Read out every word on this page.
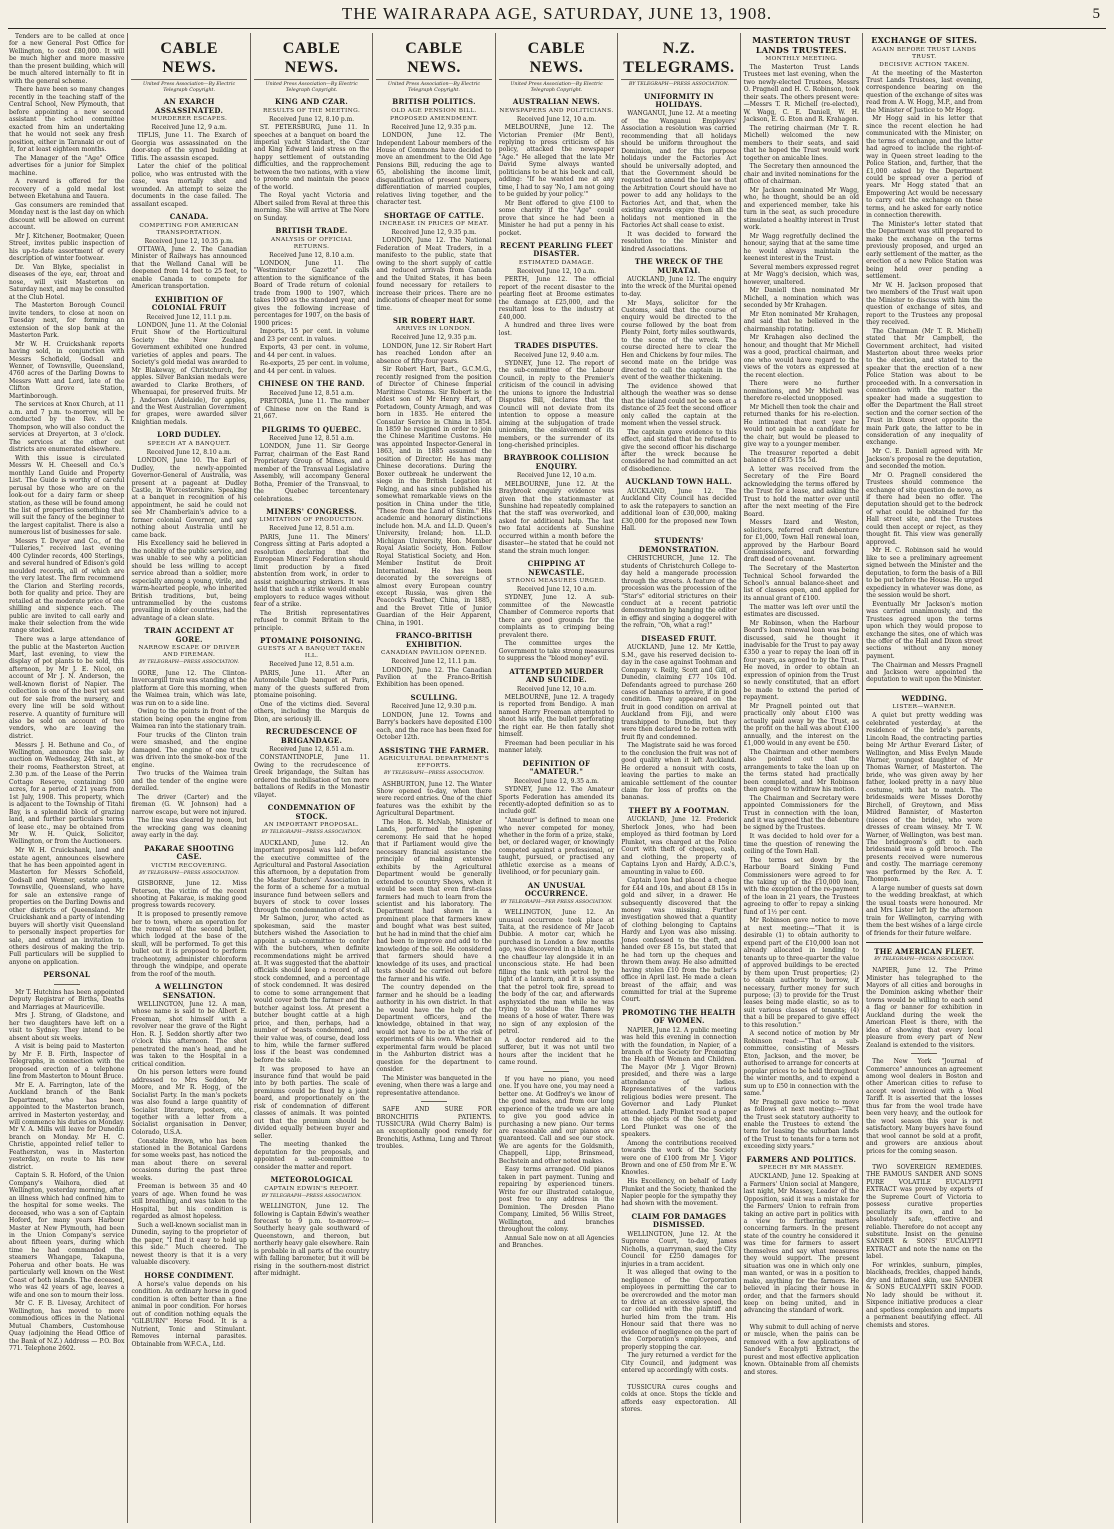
THE WAIRARAPA AGE, SATURDAY, JUNE 13, 1908.	5

Tenders are to be called at once for a new General Post Office for Wellington, to cost £80,000. It will be much higher and more massive than the present building, which will be much altered internally to fit in with the general scheme.

There have been so many changes recently in the teaching staff of the Central School, New Plymouth, that before appointing a new second assistant the school committee exacted from him an undertaking that he would not seek any fresh position, either in Taranaki or out of it, for at least eighteen months.

The Manager of the "Age" Office advertises for a junior for Simplex machine.

A reward is offered for the recovery of a gold medal lost between Eketahuna and Tauera.

Gas consumers are reminded that Monday next is the last day on which discount will be allowed on current account.

Mr J. Kitchener, Bootmaker, Queen Street, invites public inspection of his up-to-date assortment of every description of winter footwear.

Dr. Van Blyke, specialist in diseases of the eye, ear, throat and nose, will visit Masterton on Saturday next, and may be consulted at the Club Hotel.

The Masterton Borough Council invite tenders, to close at noon on Tuesday next, for forming an extension of the slop bank at the Masterton Park.

Mr W. H. Cruickshank reports having sold, in conjunction with Messrs Schofield, Godsall and Wenner, of Townsville, Queensland, 4760 acres of the Darling Downs to Messrs Watt and Lord, late of the Clifton Grove Station, Martinborough.

The services at Knox Church, at 11 a.m. and 7 p.m. to-morrow, will be conducted by the Rev. A. T. Thompson, who will also conduct the services at Dreyerton, at 3 o'clock. The services at the other out districts are enumerated elsewhere.

With this issue is circulated Messrs W. H. Cheesell and Co.'s monthly Land Guide and Property List. The Guide is worthy of careful perusal by those who are on the look-out for a dairy farm or sheep station, as these will be found among the list of properties something that will suit the fancy of the beginner to the largest capitalist. There is also a numerous list of businesses for sale.

Messrs T. Dwyer and Co., of the "Tuileries," received last evening 400 Cylinder records, 400 Sterlings, and several hundred of Edison's gold moulded records, all of which are the very latest. The firm recommend the Clarion and Sterling records, both for quality and price. They are retailed at the moderate price of one shilling and sixpence each. The public are invited to call early and make their selection from the wide range stocked.

There was a large attendance of the public at the Masterton Auction Mart, last evening, to view the display of pot plants to be sold, this afternoon, by Mr J. E. Nicol, on account of Mr J. N. Anderson, the well-known florist of Napier. The collection is one of the best yet sent out for sale from the nursery, and every line will be sold without reserve. A quantity of furniture will also be sold on account of two vendors, who are leaving the district.

Messrs J. H. Bethune and Co., of Wellington, announce the sale by auction on Wednesday, 24th inst., at their rooms, Featherston Street, at 2.30 p.m. of the Lease of the Perrin Cottage Reserve, containing 500 acres, for a period of 21 years from 1st July, 1908. This property, which is adjacent to the Township of Titahi Bay, is a splendid block of grazing land, and further particulars terms of lease etc., may be obtained from Mr W. H. Quick, Solicitor, Wellington, or from the Auctioneers.

Mr W. H. Cruickshank, land and estate agent, announces elsewhere that he has been appointed agent in Masterton for Messrs Schofield, Godsall and Wenner, estate agents, Townsville, Queensland, who have for sale an extensive range of properties on the Darling Downs and other districts of Queensland. Mr Cruickshank and a party of intending buyers will shortly visit Queensland to personally inspect properties for sale, and extend an invitation to others desirous of making the trip. Full particulars will be supplied to anyone on application.

PERSONAL

Mr T. Hutchins has been appointed Deputy Registrar of Births, Deaths and Marriages at Mauriceville.

Mrs J. Strang, of Gladstone, and her two daughters have left on a visit to Sydney. They intend to be absent about six weeks.

A visit is being paid to Masterton by Mr F. B. Firth, Inspector of Telegraphs, in connection with the proposed erection of a telephone line from Masterton to Mount Bruce.

Mr E. A. Farrington, late of the Auckland branch of the Bank Department, who has been appointed to the Masterton branch, arrived in Masterton yesterday, and will commence his duties on Monday. Mr V. A. Mills will leave for Dunedin branch on Monday. Mr H. C. Christie, appointed relief teller to Featherston, was in Masterton yesterday, on route to his new district.

Captain S. R. Hoford, of the Union Company's Waihora, died at Wellington, yesterday morning, after an illness which had confined him to the hospital for some weeks. The deceased, who was a son of Captain Hoford, for many years Harbour Master at New Plymouth, had been in the Union Company's service about fifteen years, during which time he had commanded the steamers Whangape, Takapuna, Poherua and other boats. He was particularly well known on the West Coast of both islands. The deceased, who was 42 years of age, leaves a wife and one son to mourn their loss.

Mr C. F. B. Livesay, Architect of Wellington, has moved to more commodious offices in the National Mutual Chambers, Customhouse Quay (adjoining the Head Office of the Bank of N.Z.) Address — P.O. Box 771. Telephone 2602.

CABLE NEWS.
United Press Association—By Electric Telegraph Copyright.
AN EXARCH ASSASSINATED.
MURDERER ESCAPES.
Received June 12, 9 a.m.

TIFLIS, June 11. The Exarch of Georgia was assassinated on the door-step of the synod building at Tiflis. The assassin escaped.

Later the chief of the political police, who was entrusted with the case, was mortally shot and wounded. An attempt to seize the documents in the case failed. The assailant escaped.

CANADA.
COMPETING FOR AMERICAN TRANSPORTATION.
Received June 12, 10.35 p.m.

OTTAWA, June 2. The Canadian Minister of Railways has announced that the Welland Canal will be deepened from 14 feet to 25 feet, to enable Canada to compete for American transportation.

EXHIBITION OF COLONIAL FRUIT
Received June 12, 11.1 p.m.

LONDON, June 11. At the Colonial Fruit Show of the Horticultural Society the New Zealand Government exhibited one hundred varieties of apples and pears. The Society's gold medal was awarded to Mr Blakeway, of Christchurch, for apples. Silver Banksian medals were awarded to Clarke Brothers, of Whenuapai, for preserved fruits. Mr J. Anderson (Adelaide), for apples, and the West Australian Government for grapes, were awarded silver Knightian medals.

LORD DUDLEY.
SPEECH AT A BANQUET.
Received June 12, 8.10 a.m.

LONDON, June 10. The Earl of Dudley, the newly-appointed Governor-General of Australia, was present at a pageant at Dudley Castle, in Worcestershire. Speaking at a banquet in recognition of his appointment, he said he could not see Mr Chamberlain's advice to a former colonial Governor, and say nothing about Australia until he came back.

His Excellency said he believed in the nobility of the public service, and was unable to see why a politician should be less willing to accept service abroad than a soldier, more especially among a young, virile, and warm-hearted people, who inherited British traditions, but, being untrammelled by the customs prevailing in older countries, had the advantage of a clean slate.

TRAIN ACCIDENT AT GORE.
NARROW ESCAPE OF DRIVER AND FIREMAN.
BY TELEGRAPH—PRESS ASSOCIATION.

GORE, June 12. The Clinton-Invercargill train was standing at the platform at Gore this morning, when the Waimea train, which was late, was run on to a side line.

Owing to the points in front of the station being open the engine from Waimea ran into the stationary train.

Four trucks of the Clinton train were smashed, and the engine damaged. The engine of one truck was driven into the smoke-box of the engine.

Two trucks of the Waimea train and the tender of the engine were derailed.

The driver (Carter) and the fireman (G. W. Johnson) had a narrow escape, but were not injured.

The line was cleared by noon, but the wrecking gang was cleaning away early in the day.

PAKARAE SHOOTING CASE.
VICTIM RECOVERING.
BY TELEGRAPH—PRESS ASSOCIATION.

GISBORNE, June 12. Miss Peterson, the victim of the recent shooting at Pakarae, is making good progress towards recovery.

It is proposed to presently remove her to town, where an operation for the removal of the second bullet, which lodged at the base of the skull, will be performed. To get this bullet out it is proposed to perform tracheotomy, administer chloroform through the windpipe, and operate from the roof of the mouth.

A WELLINGTON SENSATION.

WELLINGTON, June 12. A man, whose name is said to be Albert E. Freeman, shot himself with a revolver near the grave of the Right Hon. R. J. Seddon shortly after two o'clock this afternoon. The shot penetrated the man's head, and he was taken to the Hospital in a critical condition.

On his person letters were found addressed to Mrs Seddon, Mr Moore, and Mr R. Hogg, of the Socialist Party. In the man's pockets was also found a large quantity of Socialist literature, posters, etc., together with a letter from a Socialist organisation in Denver, Colorado, U.S.A.

Constable Brown, who has been stationed in the Botanical Gardens for some weeks past, has noticed the man about there on several occasions during the past three weeks.

Freeman is between 35 and 40 years of age. When found he was still breathing, and was taken to the Hospital, but his condition is regarded as almost hopeless.

Such a well-known socialist man in Dunedin, saying to the proprietor of the paper, "I find it easy to hold up this side." Much cheered. The newest theory is that it is a very valuable discovery.

HORSE CONDIMENT.

A horse's value depends on his condition. An ordinary horse in good condition is often better than a fine animal in poor condition. For horses out of condition nothing equals the "GILBURN" Horse Food. It is a Nutrient, Tonic and Stimulant. Removes internal parasites. Obtainable from W.F.C.A., Ltd.

CABLE NEWS.
United Press Association—By Electric Telegraph Copyright.
KING AND CZAR.
RESULTS OF THE MEETING.
Received June 12, 8.10 p.m.

ST. PETERSBURG, June 11. In speeches at a banquet on board the imperial yacht Standart, the Czar and King Edward laid stress on the happy settlement of outstanding difficulties, and the rapprochement between the two nations, with a view to promote and maintain the peace of the world.

The Royal yacht Victoria and Albert sailed from Reval at three this morning. She will arrive at The Nore on Sunday.

BRITISH TRADE.
ANALYSIS OF OFFICIAL RETURNS.
Received June 12, 8.10 a.m.

LONDON, June 11. The "Westminster Gazette" calls attention to the significance of the Board of Trade return of colonial trade from 1900 to 1907, which takes 1900 as the standard year, and gives the following increase of percentages for 1907, on the basis of 1900 prices:

Imports, 15 per cent. in volume and 23 per cent. in values.

Exports, 43 per cent. in volume, and 44 per cent. in values.

Re-exports, 25 per cent. in volume, and 44 per cent. in values.

CHINESE ON THE RAND.
Received June 12, 8.51 a.m.

PRETORIA, June 11. The number of Chinese now on the Rand is 21,667.

PILGRIMS TO QUEBEC.
Received June 12, 8.51 a.m.

LONDON, June 11. Sir George Farrar, chairman of the East Rand Proprietary Group of Mines, and a member of the Transvaal Legislative Assembly, will accompany General Botha, Premier of the Transvaal, to the Quebec tercentenary celebrations.

MINERS' CONGRESS.
LIMITATION OF PRODUCTION.
Received June 12, 8.51 a.m.

PARIS, June 11. The Miners' Congress sitting at Paris adopted a resolution declaring that the European Miners' Federation should limit production by a fixed abstention from work, in order to assist neighbouring strikers. It was held that such a strike would enable employers to reduce wages without fear of a strike.

The British representatives refused to commit Britain to the principle.

PTOMAINE POISONING.
GUESTS AT A BANQUET TAKEN ILL.
Received June 12, 8.51 a.m.

PARIS, June 11. After an Automobile Club banquet at Paris, many of the guests suffered from ptomaine poisoning.

One of the victims died. Several others, including the Marquis de Dion, are seriously ill.

RECRUDESCENCE OF BRIGANDAGE.
Received June 12, 8.51 a.m.

CONSTANTINOPLE, June 11. Owing to the recrudescence of Greek brigandage, the Sultan has ordered the mobilisation of ten more battalions of Redifs in the Monastir vilayet.

CONDEMNATION OF STOCK.
AN IMPORTANT PROPOSAL.
BY TELEGRAPH—PRESS ASSOCIATION.

AUCKLAND, June 12. An important proposal was laid before the executive committee of the Agricultural and Pastoral Association this afternoon, by a deputation from the Master Butchers' Association in the form of a scheme for a mutual insurance fund between sellers and buyers of stock to cover losses through the condemnation of stock.

Mr Salmon, juror, who acted as spokesman, said the master butchers wished the Association to appoint a sub-committee to confer with the butchers, when definite recommendations might be arrived at. It was suggested that the abattoir officials should keep a record of all stock condemned, and a percentage of stock condemned. It was desired to come to some arrangement that would cover both the farmer and the butcher against loss. At present a butcher bought cattle at a high price, and then, perhaps, had a number of beasts condemned, and their value was, of course, dead loss to him, while the farmer suffered loss if the beast was condemned before the sale.

It was proposed to have an insurance fund that would be paid into by both parties. The scale of premiums could be fixed by a joint board, and proportionately on the risk of condemnation of different classes of animals. It was pointed out that the premium should be divided equally between buyer and seller.

The meeting thanked the deputation for the proposals, and appointed a sub-committee to consider the matter and report.

METEOROLOGICAL
CAPTAIN EDWIN'S REPORT.
BY TELEGRAPH—PRESS ASSOCIATION.

WELLINGTON, June 12. The following is Captain Edwin's weather forecast to 9 p.m. to-morrow:—Southerly heavy gale southward of Queenstown, and thereon, but northerly heavy gale elsewhere. Rain is probable in all parts of the country with falling barometer, but it will be rising in the southern-most district after midnight.

CABLE NEWS.
United Press Association—By Electric Telegraph Copyright.
BRITISH POLITICS.
OLD AGE PENSION BILL.
PROPOSED AMENDMENT.
Received June 12, 9.35 p.m.

LONDON, June 12. The Independent Labour members of the House of Commons have decided to move an amendment to the Old Age Pensions Bill, reducing the age to 65, abolishing the income limit, disqualification of present paupers, differentiation of married couples, relatives living together, and the character test.

SHORTAGE OF CATTLE.
INCREASE IN PRICES OF MEAT.
Received June 12, 9.35 p.m.

LONDON, June 12. The National Federation of Meat Traders, in a manifesto to the public, state that owing to the short supply of cattle and reduced arrivals from Canada and the United States, it has been found necessary for retailers to increase their prices. There are no indications of cheaper meat for some time.

SIR ROBERT HART.
ARRIVES IN LONDON.
Received June 12, 9.35 p.m.

LONDON, June 12. Sir Robert Hart has reached London after an absence of fifty-four years.

Sir Robert Hart, Bart., G.C.M.G., recently resigned from the position of Director of Chinese Imperial Maritime Customs. Sir Robert is the eldest son of Mr Henry Hart, of Portadown, County Armagh, and was born in 1835. He entered the Consular Service in China in 1854. In 1859 he resigned in order to join the Chinese Maritime Customs. He was appointed Inspector-General in 1863, and in 1885 assumed the position of Director. He has many Chinese decorations. During the Boxer outbreak he underwent the siege in the British Legation at Peking, and has since published his somewhat remarkable views on the position in China under the title, "These from the Land of Sinim." His academic and honorary distinctions include hon. M.A. and LL.D. Queen's University, Ireland; hon. LL.D. Michigan University, Hon. Member Royal Asiatic Society, Hon. Fellow Royal Statistical Society, and Hon. Member Institut de Droit International. He has been decorated by the sovereigns of almost every European country except Russia, was given the Peacock's Feather, China, in 1885, and the Brevet Title of Junior Guardian of the Heir Apparent, China, in 1901.

FRANCO-BRITISH EXHIBITION.
CANADIAN PAVILION OPENED.
Received June 12, 11.1 p.m.

LONDON, June 12. The Canadian Pavilion at the Franco-British Exhibition has been opened.

SCULLING.
Received June 12, 9.30 p.m.

LONDON, June 12. Towns and Barry's backers have deposited £100 each, and the race has been fixed for October 12th.

ASSISTING THE FARMER.
AGRICULTURAL DEPARTMENT'S EFFORTS.
BY TELEGRAPH—PRESS ASSOCIATION.

ASHBURTON, June 12. The Winter Show opened to-day, when there were record entries. One of the chief features was the exhibit by the Agricultural Department.

The Hon. R. McNab, Minister of Lands, performed the opening ceremony. He said that he hoped that if Parliament would give the necessary financial assistance the principle of making extensive exhibits by the Agricultural Department would be generally extended to country Shows, when it would be seen that even first-class farmers had much to learn from the scientist and his laboratory. The Department had shown in a prominent place that farmers knew and bought what was best suited, but he had in mind that the chief aim had been to improve and add to the knowledge of the soil. He considered that farmers should have a knowledge of its uses, and practical tests should be carried out before the farmer and his wife.

The country depended on the farmer and he should be a leading authority in his own district. In that he would have the help of the Department officers, and the knowledge, obtained in that way, would not have to be at the risk of experiments of his own. Whether an experimental farm would be placed in the Ashburton district was a question for the department to consider.

The Minister was banqueted in the evening, when there was a large and representative attendance.

SAFE AND SURE FOR BRONCHITIS PATIENTS. TUSSICURA (Wild Cherry Balm) is an exceptionally good remedy for Bronchitis, Asthma, Lung and Throat troubles.

CABLE NEWS.
United Press Association—By Electric Telegraph Copyright.
AUSTRALIAN NEWS.
NEWSPAPERS AND POLITICIANS.
Received June 12, 10 a.m.

MELBOURNE, June 12. The Victorian Premier (Mr Bent), replying to press criticism of his policy, attacked the newspaper "Age." He alleged that the late Mr David Syme always wanted politicians to be at his beck and call, adding: "If he wanted me at any time, I had to say 'No, I am not going to be guided by your policy.'"

Mr Bent offered to give £100 to some charity if the "Age" could prove that since he had been a Minister he had put a penny in his pocket.

RECENT PEARLING FLEET DISASTER.
ESTIMATED DAMAGE.
Received June 12, 10 a.m.

PERTH, June 12. The official report of the recent disaster to the pearling fleet at Broome estimates the damage at £25,000, and the resultant loss to the industry at £40,000.

A hundred and three lives were lost.

TRADES DISPUTES.
Received June 12, 9.40 a.m.

SYDNEY, June 12. The report of the sub-committee of the Labour Council, in reply to the Premier's criticism of the council in advising the unions to ignore the Industrial Disputes Bill, declares that the Council will not deviate from its intention to oppose a measure aiming at the subjugation of trade unionism, the enslavement of its members, or the surrender of its long-cherished principles.

BRAYBROOK COLLISION ENQUIRY.
Received June 12, 10 a.m.

MELBOURNE, June 12. At the Braybrook enquiry evidence was given that the stationmaster at Sunshine had repeatedly complained that the staff was overworked, and asked for additional help. The last two fatal accidents at Sunshine occurred within a month before the disaster—he stated that he could not stand the strain much longer.

CHIPPING AT NEWCASTLE.
STRONG MEASURES URGED.
Received June 12, 10 a.m.

SYDNEY, June 12. A sub-committee of the Newcastle Chamber of Commerce reports that there are good grounds for the complaints as to crimping being prevalent there.

The committee urges the Government to take strong measures to suppress the "blood money" evil.

ATTEMPTED MURDER AND SUICIDE.
Received June 12, 10 a.m.

MELBOURNE, June 12. A tragedy is reported from Bendigo. A man named Harry Freeman attempted to shoot his wife, the bullet perforating the right ear. He then fatally shot himself.

Freeman had been peculiar in his manner lately.

DEFINITION OF "AMATEUR."
Received June 12, 9.35 a.m.

SYDNEY, June 12. The Amateur Sports Federation has amended its recently-adopted definition so as to include golf.

"Amateur" is defined to mean one who never competed for money, whether in the form of a prize, stake, bet, or declared wager, or knowingly competed against a professional, or taught, pursued, or practised any athletic exercise as a means of livelihood, or for pecuniary gain.

AN UNUSUAL OCCURRENCE.
BY TELEGRAPH—PER PRESS ASSOCIATION.

WELLINGTON, June 12. An unusual occurrence took place at Taita, at the residence of Mr Jacob Dubbie. A motor car, which he purchased in London a few months ago, was discovered in a blaze, while the chauffeur lay alongside it in an unconscious state. He had been filling the tank with petrol by the light of a lantern, and it is assumed that the petrol took fire, spread to the body of the car, and afterwards asphyxiated the man while he was trying to subdue the flames by means of a hose of water. There was no sign of any explosion of the petrol.

A doctor rendered aid to the sufferer, but it was not until two hours after the incident that he came round.

If you have no piano, you need one. If you have one, you may need a better one. At Godfrey's we know of the good makes, and from our long experience of the trade we are able to give you good advice in purchasing a new piano. Our terms are reasonable and our pianos are guaranteed. Call and see our stock. We are agents for the Goldsmith, Chappell, Lipp, Brinsmead, Bechstein and other noted makes.

Easy terms arranged. Old pianos taken in part payment. Tuning and repairing by experienced tuners. Write for our illustrated catalogue, post free to any address in the Dominion. The Dresden Piano Company, Limited, 56 Willis Street, Wellington, and branches throughout the colony.

Annual Sale now on at all Agencies and Branches.

N.Z. TELEGRAMS.
BY TELEGRAPH—PRESS ASSOCIATION.
UNIFORMITY IN HOLIDAYS.

WANGANUI, June 12. At a meeting of the Wanganui Employers' Association a resolution was carried recommending that all holidays should be uniform throughout the Dominion, and for this purpose holidays under the Factories Act should be universally adopted, and that the Government should be requested to amend the law so that the Arbitration Court should have no power to add any holidays to the Factories Act, and that, when the existing awards expire then all the holidays not mentioned in the Factories Act shall cease to exist.

It was decided to forward the resolution to the Minister and kindred Associations.

THE WRECK OF THE MURATAI.

AUCKLAND, June 12. The enquiry into the wreck of the Muritai opened to-day.

Mr Mays, solicitor for the Customs, said that the course of enquiry would be directed to the course followed by the boat from Plenty Point, forty miles southwards, to the scene of the wreck. The course directed here to clear the Hen and Chickens by four miles. The second mate on the bridge was directed to call the captain in the event of the weather thickening.

The evidence showed that although the weather was so dense that the island could not be seen at a distance of 25 feet the second officer only called the captain at the moment when the vessel struck.

The captain gave evidence to this effect, and stated that he refused to give the second officer his discharge after the wreck because he considered he had committed an act of disobedience.

AUCKLAND TOWN HALL.

AUCKLAND, June 12. The Auckland City Council has decided to ask the ratepayers to sanction an additional loan of £30,000, making £30,000 for the proposed new Town Hall.

STUDENTS' DEMONSTRATION.

CHRISTCHURCH, June 12. The students of Christchurch College to-day held a mangerade procession through the streets. A feature of the procession was the procession of the "Star's" editorial strictures on their conduct at a recent patriotic demonstration by hanging the editor in effigy and singing a doggerel with the refrain, "Oh, what a rag!"

DISEASED FRUIT.

AUCKLAND, June 12. Mr Kettle, S.M., gave his reserved decision to-day in the case against Toohman and Company v. Reilly, Scott and Gill, of Dunedin, claiming £77 10s 10d. Defendants agreed to purchase 260 cases of bananas to arrive, if in good condition. They appeared on the fruit in good condition on arrival at Auckland from Fiji, and were transhipped to Dunedin, but they were then declared to be rotten with fruit fly and condemned.

The Magistrate said he was forced to the conclusion the fruit was not of good quality when it left Auckland. He ordered a nonsuit with costs, leaving the parties to make an amicable settlement of the counter claim for loss of profits on the bananas.

THEFT BY A FOOTMAN.

AUCKLAND, June 12. Frederick Sherlock Jones, who had been employed as third footman by Lord Plunket, was charged at the Police Court with theft of cheques, cash, and clothing, the property of Captains Lyon and Hardy, A.D.C.'s, amounting in value to £60.

Captain Lyon had placed a cheque for £44 and 10s, and about £8 15s in gold and silver, in a drawer. He subsequently discovered that the money was missing. Further investigation showed that a quantity of clothing belonging to Captains Hardy and Lyon was also missing. Jones confessed to the theft, and handed over £8 15s, but stated that he had torn up the cheques and thrown them away. He also admitted having stolen £10 from the butler's office in April last. He made a clean breast of the affair, and was committed for trial at the Supreme Court.

PROMOTING THE HEALTH OF WOMEN.

NAPIER, June 12. A public meeting was held this evening in connection with the foundation, in Napier, of a branch of the Society for Promoting the Health of Women and Children. The Mayor (Mr J. Vigor Brown) presided, and there was a large attendance of ladies. Representatives of the various religious bodies were present. The Governor and Lady Plunket attended. Lady Plunket read a paper on the objects of the Society, and Lord Plunket was one of the speakers.

Among the contributions received towards the work of the Society were one of £100 from Mr J. Vigor Brown and one of £50 from Mr E. W. Knowles.

His Excellency, on behalf of Lady Plunket and the Society, thanked the Napier people for the sympathy they had shown with the movement.

CLAIM FOR DAMAGES DISMISSED.

WELLINGTON, June 12. At the Supreme Court, to-day, James Nicholls, a quarryman, sued the City Council for £250 damages for injuries in a tram accident.

It was alleged that owing to the negligence of the Corporation employees in permitting the car to be overcrowded and the motor man to drive at an excessive speed, the car collided with the plaintiff and hurled him from the tram. His Honour said that there was no evidence of negligence on the part of the Corporation's employees, and properly stopping the car.

The jury returned a verdict for the City Council, and judgment was entered up accordingly with costs.

TUSSICURA cures coughs and colds at once. Stops the tickle and affords easy expectoration. All stores.

MASTERTON TRUST LANDS TRUSTEES.
MONTHLY MEETING.

The Masterton Trust Lands Trustees met last evening, when the two newly-elected Trustees, Messrs O. Pragnell and H. C. Robinson, took their seats. The others present were:—Messrs T. R. Michell (re-elected), W. Wagg, C. E. Daniell, W. H. Jackson, E. G. Eton and R. Krahagen.

The retiring chairman (Mr T. R. Michell) welcomed the new members to their seats, and said that he hoped the Trust would work together on amicable lines.

The Secretary then announced the chair and invited nominations for the office of chairman.

Mr Jackson nominated Mr Wagg, who, he thought, should be an old and experienced member, take his turn in the seat, as such procedure stimulated a healthy interest in Trust work.

Mr Wagg regretfully declined the honour, saying that at the same time he would always maintain the keenest interest in the Trust.

Several members expressed regret at Mr Wagg's decision, which was, however, unaltered.

Mr Daniell then nominated Mr Michell, a nomination which was seconded by Mr Krahagen.

Mr Eton nominated Mr Krahagen, and said that he believed in the chairmanship rotating.

Mr Krahagen also declined the honour, and thought that Mr Michell was a good, practical chairman, and one who would have regard to the views of the voters as expressed at the recent election.

There were no further nominations, and Mr Michell was therefore re-elected unopposed.

Mr Michell then took the chair and returned thanks for his re-election. He intimated that next year he would not again be a candidate for the chair, but would be pleased to give way to a younger member.

The treasurer reported a debit balance of £875 15s 5d.

A letter was received from the Secretary of the Fire Board acknowledging the terms offered by the Trust for a lease, and asking the Trust to hold the matter over until after the next meeting of the Fire Board.

Messrs Izard and Weston, solicitors, referred craft debenture for £1,000, Town Hall renewal loan, approved by the Harbour Board Commissioners, and forwarding draft deed of covenant.

The Secretary of the Masterton Technical School forwarded the School's annual balance-sheet and list of classes open, and applied for its annual grant of £100.

The matter was left over until the estimates are discussed.

Mr Robinson, when the Harbour Board's loan renewal loan was being discussed, said he thought it inadvisable for the Trust to pay away £350 a year to repay the loan off in four years, as agreed to by the Trust. He moved, in order to obtain an expression of opinion from the Trust so newly constituted, that an effort be made to extend the period of repayment.

Mr Pragnell pointed out that practically only about £100 was actually paid away by the Trust, as the profit on the hall was about £100 annually, and the interest on the £1,000 would in any event be £50.

The Chairman and other members also pointed out that the arrangements to take the loan up on the terms stated had practically been completed, and Mr Robinson then agreed to withdraw his motion.

The Chairman and Secretary were appointed Commissioners for the Trust in connection with the loan, and it was agreed that the debenture be signed by the Trustees.

It was decided to hold over for a time the question of renewing the ceiling of the Town Hall.

The terms set down by the Harbour Board Sinking Fund Commissioners were agreed to for the taking up of the £10,000 loan, with the exception of the re-payment of the loan in 21 years, the Trustees agreeing to offer to repay a sinking fund of 1½ per cent.

Mr Robinson gave notice to move at next meeting:—"That it is desirable (1) to obtain authority to expend part of the £10,000 loan not already allocated in lending to tenants up to three-quarter the value of approved buildings to be erected by them upon Trust properties; (2) to obtain authority to borrow, if necessary, further money for such purpose; (3) to provide for the Trust leases being made elastic, so as to suit various classes of tenants; (4) that a bill be prepared to give effect to this resolution."

A second notice of motion by Mr Robinson read:—"That a sub-committee, consisting of Messrs Eton, Jackson, and the mover, be authorised to arrange for concerts at popular prices to be held throughout the winter months, and to expend a sum up to £50 in connection with the same."

Mr Pragnell gave notice to move as follows at next meeting:—"That the Trust seek statutory authority to enable the Trustees to extend the term for leasing the suburban lands of the Trust to tenants for a term not exceeding sixty years."

FARMERS AND POLITICS.
SPEECH BY MR MASSEY.

AUCKLAND, June 12. Speaking at a Farmers' Union social at Mangere, last night, Mr Massey, Leader of the Opposition, said it was a mistake for the Farmers' Union to refrain from taking an active part in politics with a view to furthering matters concerning farmers. In the present state of the country he considered it was time for farmers to assert themselves and say what measures they would support. The present situation was one in which only one man wanted, or was in a position to make, anything for the farmers. He believed in placing their house in order, and that the farmers should keep on being united, and in advancing the standard of work.

Why submit to dull aching of nerve or muscle, when the pains can be removed with a few applications of Sander's Eucalypti Extract, the purest and most effective application known. Obtainable from all chemists and stores.

EXCHANGE OF SITES.
AGAIN BEFORE TRUST LANDS TRUST.
DECISIVE ACTION TAKEN.

At the meeting of the Masterton Trust Lands Trustees, last evening, correspondence bearing on the question of the exchange of sites was read from A. W. Hogg, M.P., and from the Minister of Justice to Mr Hogg.

Mr Hogg said in his letter that since the recent election he had communicated with the Minister, on the terms of exchange, and the latter had agreed to include the right-of-way in Queen street leading to the Police Station, and, further, that the £1,000 asked by the Department could be spread over a period of years. Mr Hogg stated that an Empowering Act would be necessary to carry out the exchange on these terms, and he asked for early notice in connection therewith.

The Minister's letter stated that the Department was still prepared to make the exchange on the terms previously proposed, and urged an early settlement of the matter, as the erection of a new Police Station was being held over pending a settlement.

Mr W. H. Jackson proposed that two members of the Trust wait upon the Minister to discuss with him the question of exchange of sites, and report to the Trustees any proposal they received.

The Chairman (Mr T. R. Michell) stated that Mr Campbell, the Government architect, had visited Masterton about three weeks prior to the election, and stated to the speaker that the erection of a new Police Station was about to be proceeded with. In a conversation in connection with the matter the speaker had made a suggestion to offer the Department the Hall street section and the corner section of the Trust in Dixon street opposite the main Park gate, the latter to be in consideration of any inequality of exchange.

Mr C. E. Daniell agreed with Mr Jackson's proposal re the deputation, and seconded the motion.

Mr O. Pragnell considered the Trustees should commence the exchange of site question de novo, as if there had been no offer. The deputation should get to the bedrock of what could be obtained for the Hall street site, and the Trustees could then accept or reject, as they thought fit. This view was generally approved.

Mr H. C. Robinson said he would like to see a preliminary agreement signed between the Minister and the deputation, to form the basis of a Bill to be put before the House. He urged expediency in whatever was done, as the session would be short.

Eventually Mr Jackson's motion was carried unanimously, and the Trustees agreed upon the terms upon which they would propose to exchange the sites, one of which was the offer of the Hall and Dixon street sections without any money payment.

The Chairman and Messrs Pragnell and Jackson were appointed the deputation to wait upon the Minister.

WEDDING.
LISTER—WARNER.

A quiet but pretty wedding was celebrated yesterday, at the residence of the bride's parents, Lincoln Road, the contracting parties being Mr Arthur Everard Lister, of Wellington, and Miss Evelyn Maude Warner, youngest daughter of Mr Thomas Warner, of Masterton. The bride, who was given away by her father, looked pretty in a navy blue costume, with hat to match. The bridesmaids were Misses Dorothy Birchell, of Greytown, and Miss Mildred Bannister, of Masterton (nieces of the bride), who wore dresses of cream winsey. Mr T. W. Warner, of Wellington, was best man. The bridegroom's gift to each bridesmaid was a gold brooch. The presents received were numerous and costly. The marriage ceremony was performed by the Rev. A. T. Thompson.

A large number of guests sat down to the wedding breakfast, at which the usual toasts were honoured. Mr and Mrs Lister left by the afternoon train for Wellington, carrying with them the best wishes of a large circle of friends for their future welfare.

THE AMERICAN FLEET.
BY TELEGRAPH—PRESS ASSOCIATION.

NAPIER, June 12. The Prime Minister has telegraphed to the Mayors of all cities and boroughs in the Dominion asking whether their towns would be willing to each send a flag or banner for exhibition in Auckland during the week the American Fleet is there, with the idea of showing that every local pleasure from every part of New Zealand is extended to the visitors.

The New York "Journal of Commerce" announces an agreement among wool dealers in Boston and other American cities to refuse to accept wool invoiced with a Wool Tariff. It is asserted that the losses thus far from the wool trade have been very heavy, and the outlook for the wool season this year is not satisfactory. Many buyers have found that wool cannot be sold at a profit, and growers are anxious about prices for the coming season.

TWO SOVEREIGN REMEDIES. THE FAMOUS SANDER AND SONS PURE VOLATILE EUCALYPTI EXTRACT was proved by experts of the Supreme Court of Victoria to possess curative properties peculiarly its own, and to be absolutely safe, effective and reliable. Therefore do not accept any substitute. Insist on the genuine SANDER & SONS' EUCALYPTI EXTRACT and note the name on the label.

For wrinkles, sunburn, pimples, blackheads, freckles, chapped hands, dry and inflamed skin, use SANDER & SONS EUCALYPTI SKIN FOOD. No lady should be without it. Sixpence initiative produces a clear and spotless complexion and imparts a permanent beautifying effect. All chemists and stores.
